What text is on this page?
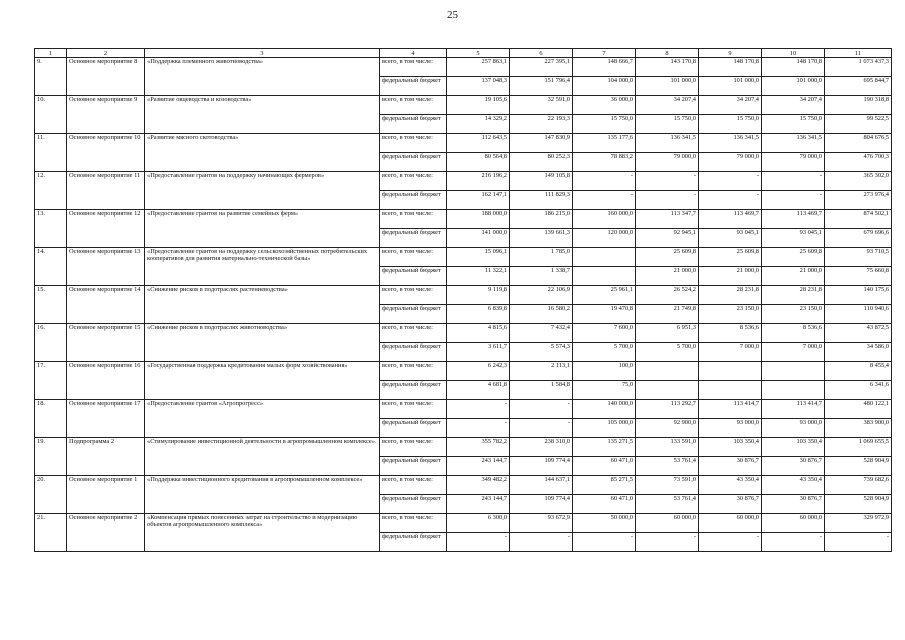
25
1	2	3	4	5	6	7	8	9	10	11
9.	Основное мероприятие 8	«Поддержка племенного животноводства»	всего, в том числе:	257 863,1	227 395,1	148 666,7	143 170,8	148 170,8	148 170,8	1 073 437,3
			федеральный бюджет	137 048,3	151 796,4	104 000,0	101 000,0	101 000,0	101 000,0	695 844,7
10.	Основное мероприятие 9	«Развитие овцеводства и козоводства»	всего, в том числе:	19 105,6	32 591,0	36 000,0	34 207,4	34 207,4	34 207,4	190 318,8
			федеральный бюджет	14 329,2	22 193,3	15 750,0	15 750,0	15 750,0	15 750,0	99 522,5
11.	Основное мероприятие 10	«Развитие мясного скотоводства»	всего, в том числе:	112 643,5	147 830,9	135 177,6	136 341,5	136 341,5	136 341,5	804 676,5
			федеральный бюджет	80 564,8	80 252,3	78 883,2	79 000,0	79 000,0	79 000,0	476 700,3
12.	Основное мероприятие 11	«Предоставление грантов на поддержку начинающих фермеров»	всего, в том числе:	216 196,2	149 105,8	-	-	-	-	365 302,0
			федеральный бюджет	162 147,1	111 829,3	-	-	-	-	273 976,4
13.	Основное мероприятие 12	«Предоставление грантов на развитие семейных ферм»	всего, в том числе:	188 000,0	186 215,0	160 000,0	113 347,7	113 469,7	113 469,7	874 502,1
			федеральный бюджет	141 000,0	139 661,3	120 000,0	92 945,1	93 045,1	93 045,1	679 696,6
14.	Основное мероприятие 13	«Предоставление грантов на поддержку сельскохозяйственных потребительских кооперативов для развития материально-технической базы»	всего, в том числе:	15 096,1	1 785,0		25 609,8	25 609,8	25 609,8	93 710,5
			федеральный бюджет	11 322,1	1 338,7		21 000,0	21 000,0	21 000,0	75 660,8
15.	Основное мероприятие 14	«Снижение рисков в подотраслях растениеводства»	всего, в том числе:	9 119,8	22 106,9	25 961,1	26 524,2	28 231,8	28 231,8	140 175,6
			федеральный бюджет	6 839,8	16 580,2	19 470,8	21 749,8	23 150,0	23 150,0	110 940,6
16.	Основное мероприятие 15	«Снижение рисков в подотраслях животноводства»	всего, в том числе:	4 815,6	7 432,4	7 600,0	6 951,3	8 536,6	8 536,6	43 872,5
			федеральный бюджет	3 611,7	5 574,3	5 700,0	5 700,0	7 000,0	7 000,0	34 586,0
17.	Основное мероприятие 16	«Государственная поддержка кредитования малых форм хозяйствования»	всего, в том числе:	6 242,3	2 113,1	100,0				8 455,4
			федеральный бюджет	4 681,8	1 584,8	75,0				6 341,6
18.	Основное мероприятие 17	«Предоставление грантов «Агропрогресс»	всего, в том числе:	-	-	140 000,0	113 292,7	113 414,7	113 414,7	480 122,1
			федеральный бюджет	-	-	105 000,0	92 900,0	93 000,0	93 000,0	383 900,0
19.	Подпрограмма 2	«Стимулирование инвестиционной деятельности в агропромышленном комплексе».	всего, в том числе:	355 782,2	238 310,0	135 271,5	133 591,0	103 350,4	103 350,4	1 069 655,5
			федеральный бюджет	243 144,7	109 774,4	60 471,0	53 761,4	30 876,7	30 876,7	528 904,9
20.	Основное мероприятие 1	«Поддержка инвестиционного кредитования в агропромышленном комплексе»	всего, в том числе:	349 482,2	144 637,1	85 271,5	73 591,0	43 350,4	43 350,4	739 682,6
			федеральный бюджет	243 144,7	109 774,4	60 471,0	53 761,4	30 876,7	30 876,7	528 904,9
21.	Основное мероприятие 2	«Компенсация прямых понесенных затрат на строительство и модернизацию объектов агропромышленного комплекса»	всего, в том числе:	6 300,0	93 672,9	50 000,0	60 000,0	60 000,0	60 000,0	329 972,9
			федеральный бюджет	-	-	-	-	-	-	-
